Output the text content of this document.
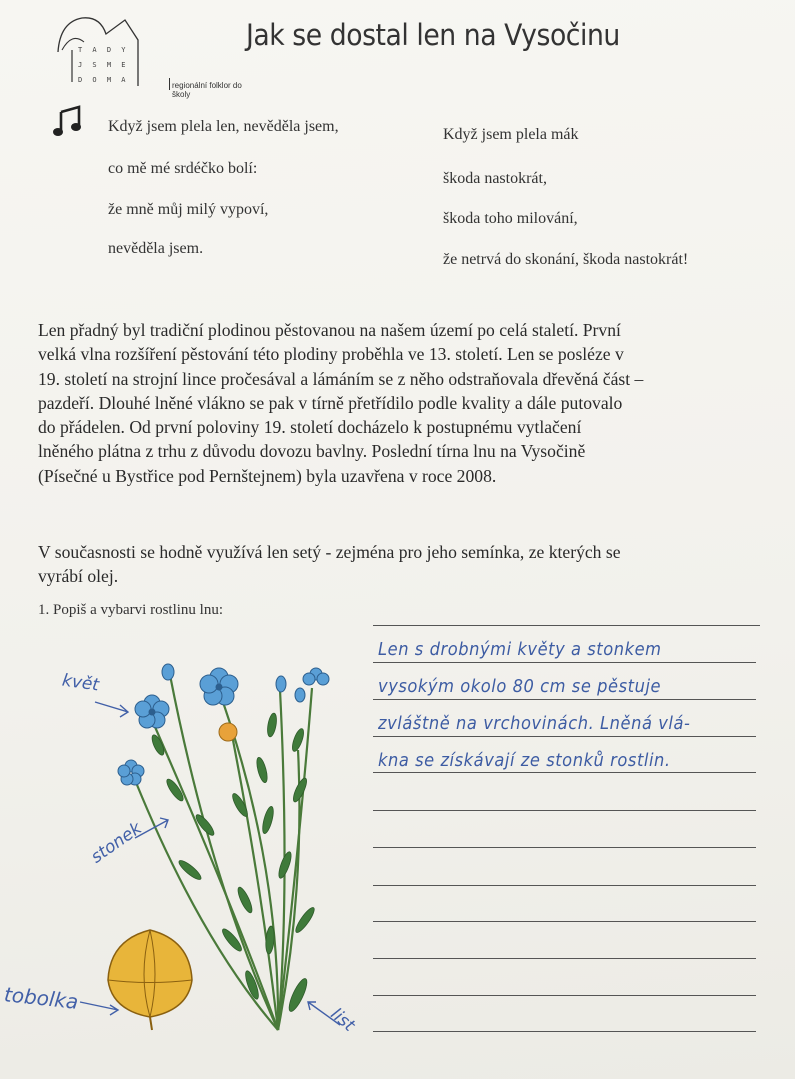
T A D Y
J S M E
D O M A
regionální folklor do školy
Jak se dostal len na Vysočinu
Když jsem plela len, nevěděla jsem,
co mě mé srdéčko bolí:
že mně můj milý vypoví,
nevěděla jsem.
Když jsem plela mák
škoda nastokrát,
škoda toho milování,
že netrvá do skonání, škoda nastokrát!
Len přadný byl tradiční plodinou pěstovanou na našem území po celá staletí. První
velká vlna rozšíření pěstování této plodiny proběhla ve 13. století. Len se posléze v
19. století na strojní lince pročesával a lámáním se z něho odstraňovala dřevěná část –
pazdeří. Dlouhé lněné vlákno se pak v tírně přetřídilo podle kvality a dále putovalo
do přádelen. Od první poloviny 19. století docházelo k postupnému vytlačení
lněného plátna z trhu z důvodu dovozu bavlny. Poslední tírna lnu na Vysočině
(Písečné u Bystřice pod Pernštejnem) byla uzavřena v roce 2008.
V současnosti se hodně využívá len setý - zejména pro jeho semínka, ze kterých se
vyrábí olej.
1. Popiš a vybarvi rostlinu lnu:
Len s drobnými květy a stonkem
vysokým okolo 80 cm se pěstuje
zvláštně na vrchovinách. Lněná vlá-
kna se získávají ze stonků rostlin.
květ
stonek
tobolka
list
